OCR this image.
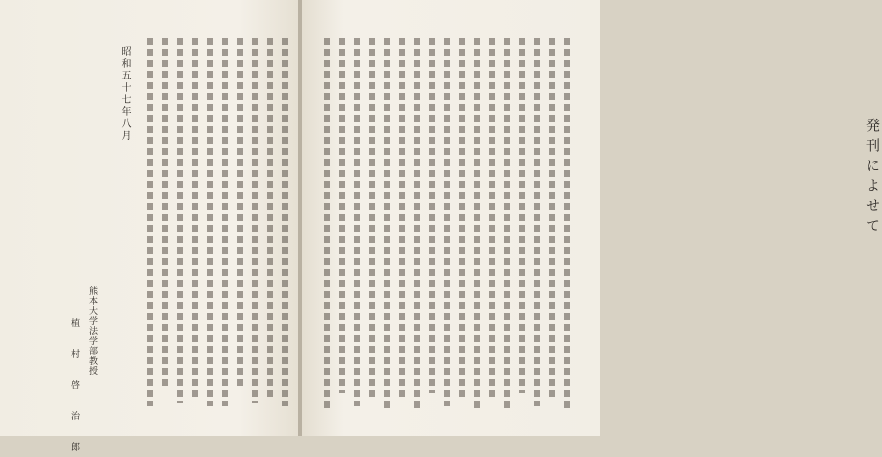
昭和五十七年八月
熊本大学法学部教授
植 村 啓 治 郎
発刊によせて
